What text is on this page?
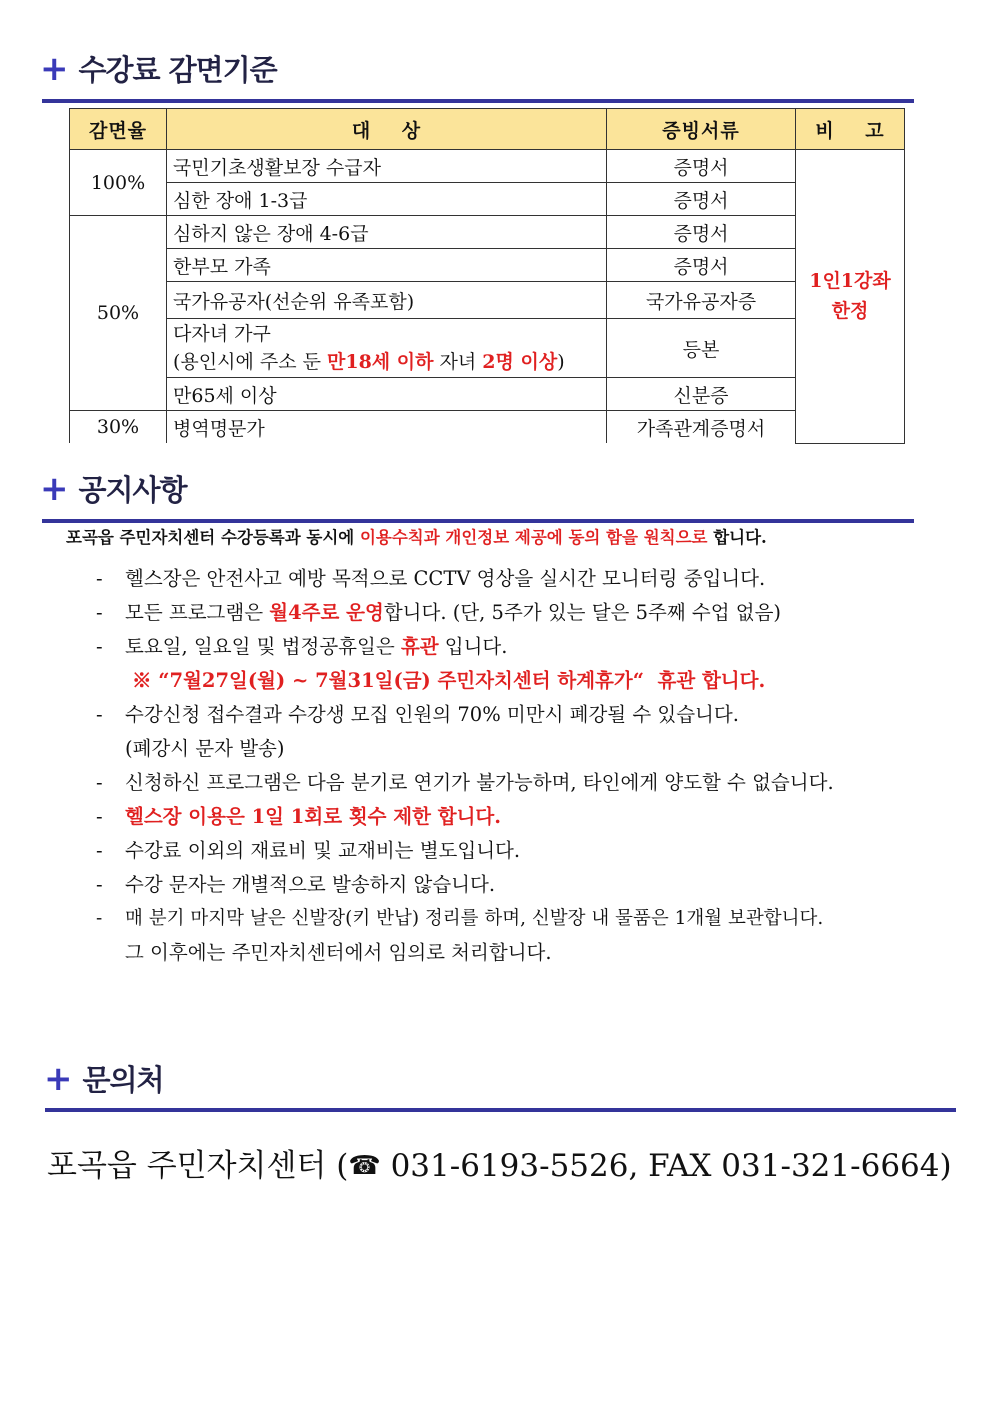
+ 수강료 감면기준
감면율	대    상	증빙서류	비    고
100%	국민기초생활보장 수급자	증명서	1인1강좌
한정
	심한 장애 1-3급	증명서	
50%	심하지 않은 장애 4-6급	증명서	
	한부모 가족	증명서	
	국가유공자(선순위 유족포함)	국가유공자증	
	다자녀 가구
(용인시에 주소 둔 만18세 이하 자녀 2명 이상)	등본	
	만65세 이상	신분증	
30%	병역명문가	가족관계증명서	
+ 공지사항
포곡읍 주민자치센터 수강등록과 동시에 이용수칙과 개인정보 제공에 동의 함을 원칙으로 합니다.
- 헬스장은 안전사고 예방 목적으로 CCTV 영상을 실시간 모니터링 중입니다.
- 모든 프로그램은 월4주로 운영합니다. (단, 5주가 있는 달은 5주째 수업 없음)
- 토요일, 일요일 및 법정공휴일은 휴관 입니다.
※ “7월27일(월) ~ 7월31일(금) 주민자치센터 하계휴가“  휴관 합니다.
- 수강신청 접수결과 수강생 모집 인원의 70% 미만시 폐강될 수 있습니다.
(폐강시 문자 발송)
- 신청하신 프로그램은 다음 분기로 연기가 불가능하며, 타인에게 양도할 수 없습니다.
- 헬스장 이용은 1일 1회로 횟수 제한 합니다.
- 수강료 이외의 재료비 및 교재비는 별도입니다.
- 수강 문자는 개별적으로 발송하지 않습니다.
- 매 분기 마지막 날은 신발장(키 반납) 정리를 하며, 신발장 내 물품은 1개월 보관합니다.
그 이후에는 주민자치센터에서 임의로 처리합니다.
+ 문의처
포곡읍 주민자치센터 (☎ 031-6193-5526, FAX 031-321-6664)
